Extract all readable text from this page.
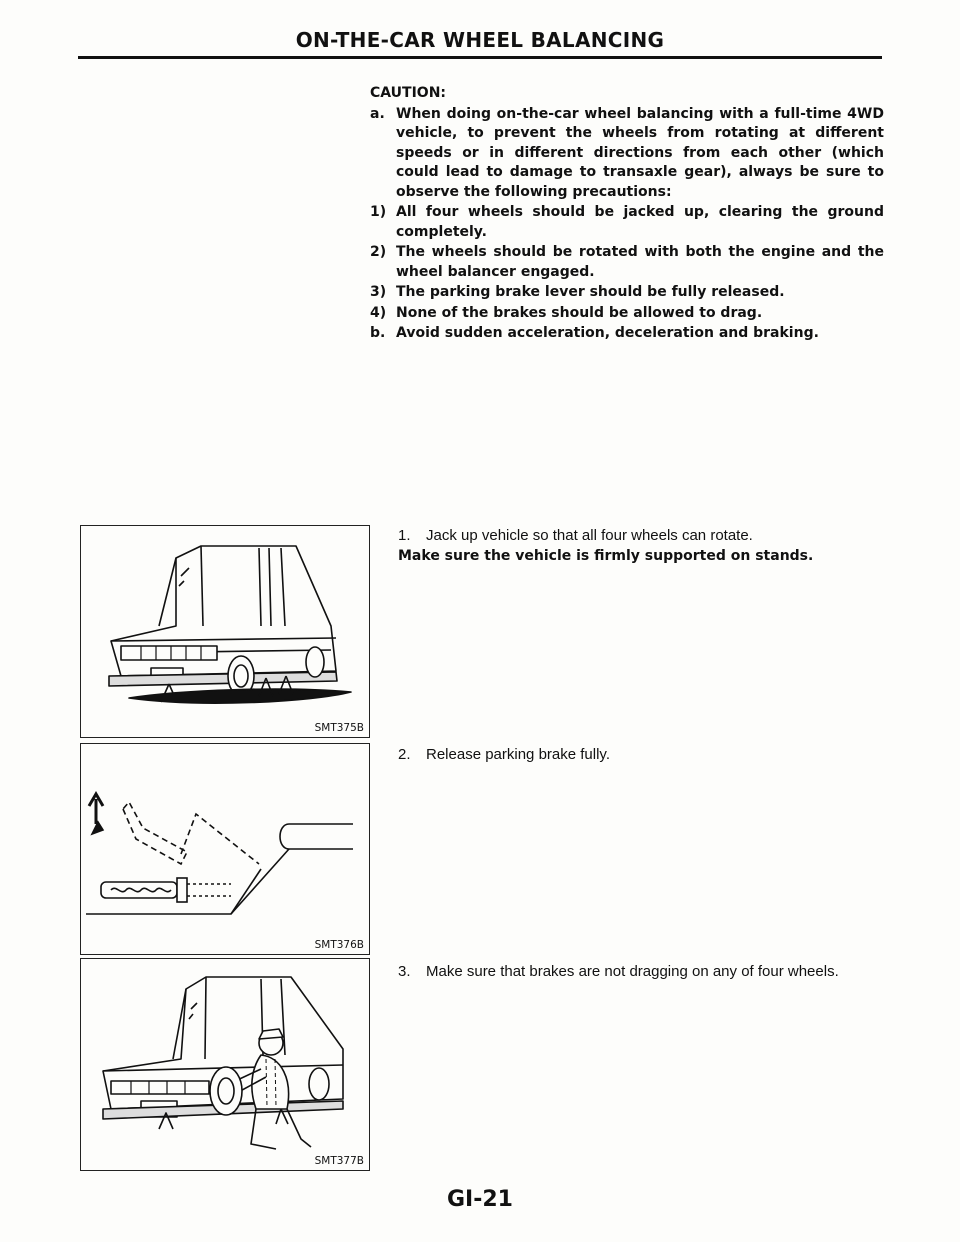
ON-THE-CAR WHEEL BALANCING
CAUTION:
a. When doing on-the-car wheel balancing with a full-time 4WD vehicle, to prevent the wheels from rotating at different speeds or in different directions from each other (which could lead to damage to transaxle gear), always be sure to observe the following precautions:
1) All four wheels should be jacked up, clearing the ground completely.
2) The wheels should be rotated with both the engine and the wheel balancer engaged.
3) The parking brake lever should be fully released.
4) None of the brakes should be allowed to drag.
b. Avoid sudden acceleration, deceleration and braking.
SMT375B
SMT376B
SMT377B
1.	Jack up vehicle so that all four wheels can rotate.
Make sure the vehicle is firmly supported on stands.
2.	Release parking brake fully.
3.	Make sure that brakes are not dragging on any of four wheels.
GI-21
